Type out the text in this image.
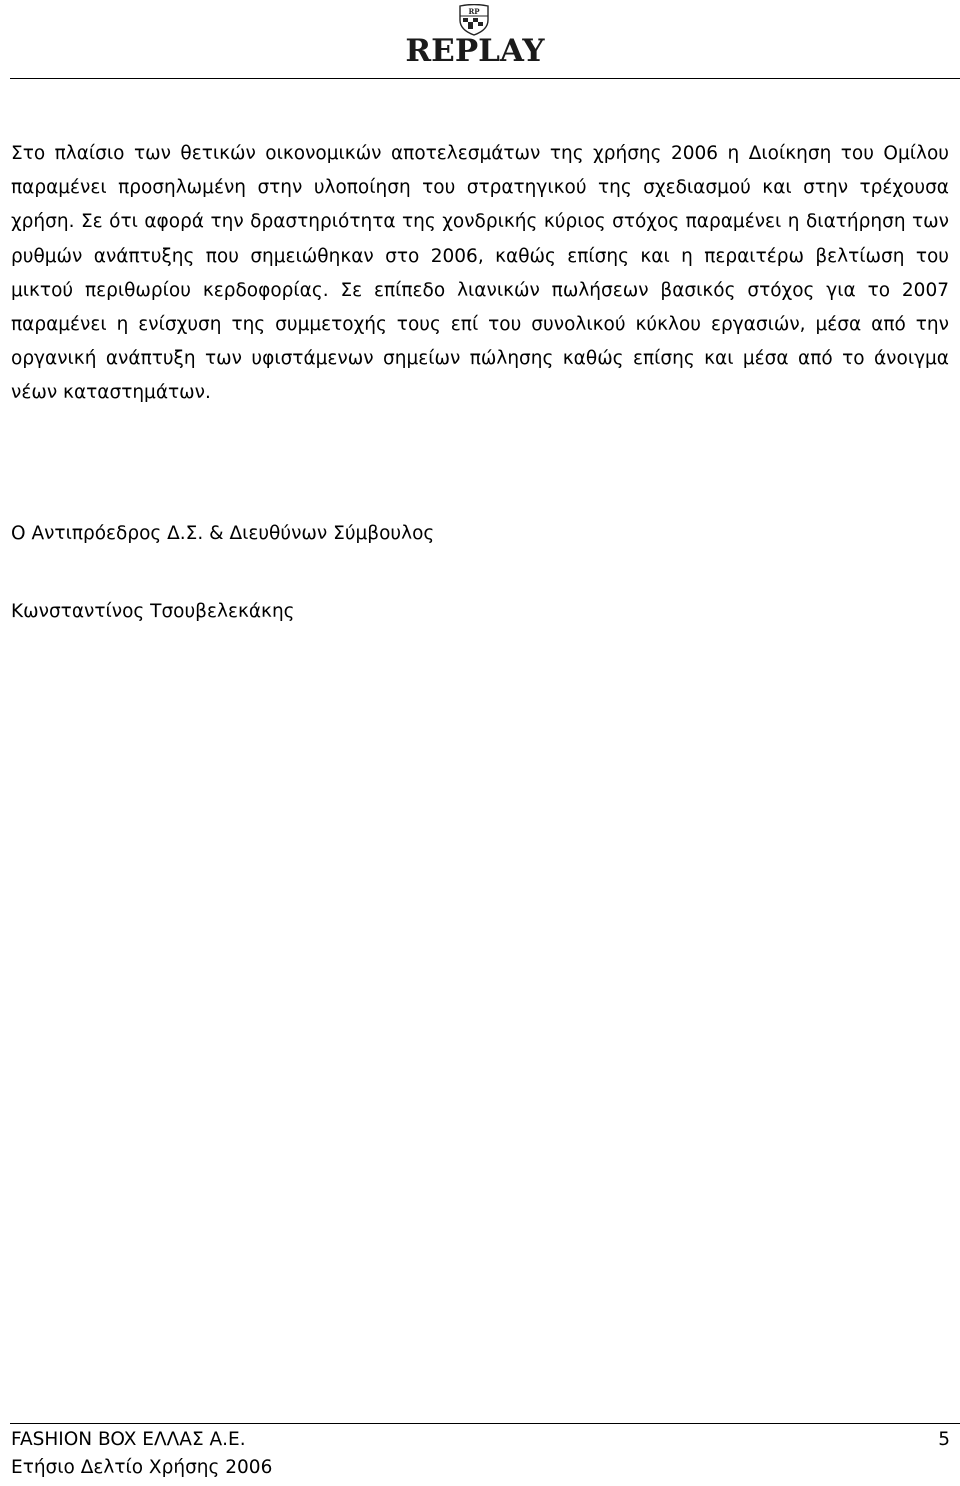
RP
REPLAY

Στο πλαίσιο των θετικών οικονομικών αποτελεσμάτων της χρήσης 2006 η Διοίκηση του Ομίλου παραμένει προσηλωμένη στην υλοποίηση του στρατηγικού της σχεδιασμού και στην τρέχουσα χρήση. Σε ότι αφορά την δραστηριότητα της χονδρικής κύριος στόχος παραμένει η διατήρηση των ρυθμών ανάπτυξης που σημειώθηκαν στο 2006, καθώς επίσης και η περαιτέρω βελτίωση του μικτού περιθωρίου κερδοφορίας. Σε επίπεδο λιανικών πωλήσεων βασικός στόχος για το 2007 παραμένει η ενίσχυση της συμμετοχής τους επί του συνολικού κύκλου εργασιών, μέσα από την οργανική ανάπτυξη των υφιστάμενων σημείων πώλησης καθώς επίσης και μέσα από το άνοιγμα νέων καταστημάτων.

Ο Αντιπρόεδρος Δ.Σ. & Διευθύνων Σύμβουλος

Κωνσταντίνος Τσουβελεκάκης

FASHION BOX ΕΛΛΑΣ Α.Ε.	5
Ετήσιο Δελτίο Χρήσης 2006
